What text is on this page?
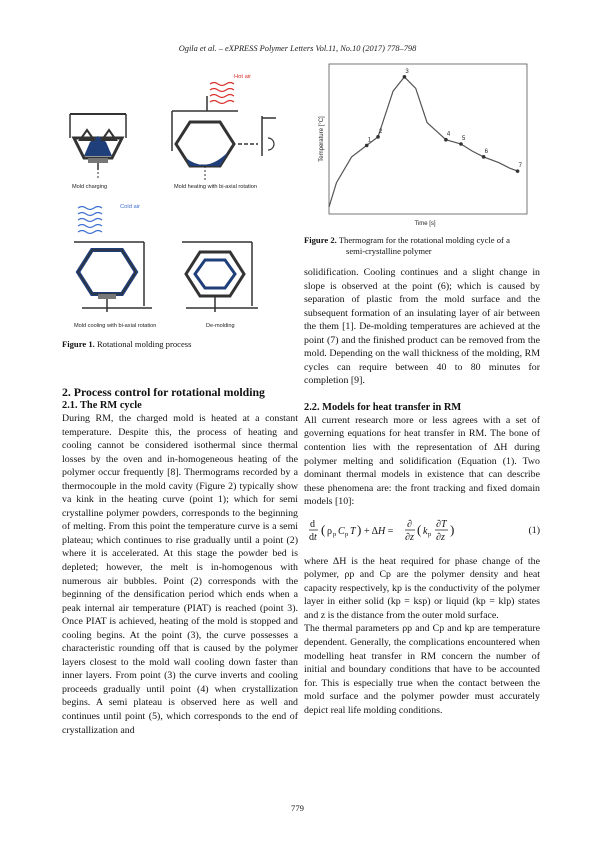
Ogila et al. – eXPRESS Polymer Letters Vol.11, No.10 (2017) 778–798
Mold charging
Hot air
Mold heating with bi-axial rotation
Cold air
Mold cooling with bi-axial rotation	De-molding
Figure 1. Rotational molding process
1
2
3
4
5
6
7
Time [s]
Temperature [°C]
Figure 2. Thermogram for the rotational molding cycle of a
semi-crystalline polymer

2. Process control for rotational molding

2.1. The RM cycle

During RM, the charged mold is heated at a constant temperature. Despite this, the process of heating and cooling cannot be considered isothermal since thermal losses by the oven and in-homogeneous heating of the polymer occur frequently [8]. Thermograms recorded by a thermocouple in the mold cavity (Figure 2) typically show va kink in the heating curve (point 1); which for semi crystalline polymer powders, corresponds to the beginning of melting. From this point the temperature curve is a semi plateau; which continues to rise gradually until a point (2) where it is accelerated. At this stage the powder bed is depleted; however, the melt is in-homogenous with numerous air bubbles. Point (2) corresponds with the beginning of the densification period which ends when a peak internal air temperature (PIAT) is reached (point 3). Once PIAT is achieved, heating of the mold is stopped and cooling begins. At the point (3), the curve possesses a characteristic rounding off that is caused by the polymer layers closest to the mold wall cooling down faster than inner layers. From point (3) the curve inverts and cooling proceeds gradually until point (4) when crystallization begins. A semi plateau is observed here as well and continues until point (5), which corresponds to the end of crystallization and

solidification. Cooling continues and a slight change in slope is observed at the point (6); which is caused by separation of plastic from the mold surface and the subsequent formation of an insulating layer of air between the them [1]. De-molding temperatures are achieved at the point (7) and the finished product can be removed from the mold. Depending on the wall thickness of the molding, RM cycles can require between 40 to 80 minutes for completion [9].

2.2. Models for heat transfer in RM

All current research more or less agrees with a set of governing equations for heat transfer in RM. The bone of contention lies with the representation of ΔH during polymer melting and solidification (Equation (1). Two dominant thermal models in existence that can describe these phenomena are: the front tracking and fixed domain models [10]:

d
dt
( ρ p C p T ) + ΔH =
∂
∂z
( k p
∂T
∂z
)	(1)

where ΔH is the heat required for phase change of the polymer, ρp and Cp are the polymer density and heat capacity respectively, kp is the conductivity of the polymer layer in either solid (kp = ksp) or liquid (kp = klp) states and z is the distance from the outer mold surface.

The thermal parameters ρp and Cp and kp are temperature dependent. Generally, the complications encountered when modelling heat transfer in RM concern the number of initial and boundary conditions that have to be accounted for. This is especially true when the contact between the mold surface and the polymer powder must accurately depict real life molding conditions.

779
